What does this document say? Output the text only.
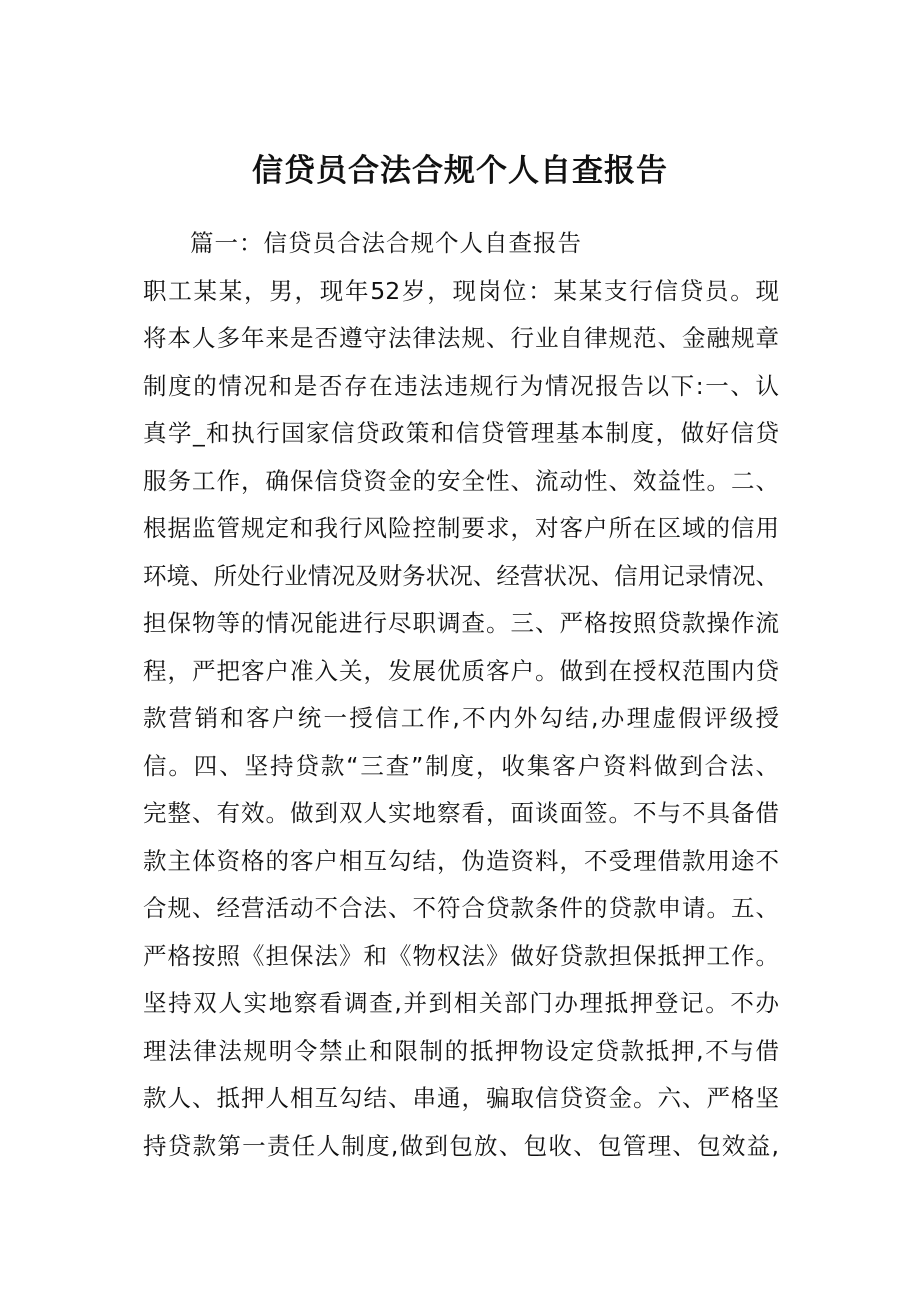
信贷员合法合规个人自查报告
篇一：信贷员合法合规个人自查报告
职工某某，男，现年52岁，现岗位：某某支行信贷员。现
将本人多年来是否遵守法律法规、行业自律规范、金融规章
制度的情况和是否存在违法违规行为情况报告以下:一、认
真学_和执行国家信贷政策和信贷管理基本制度，做好信贷
服务工作，确保信贷资金的安全性、流动性、效益性。二、
根据监管规定和我行风险控制要求，对客户所在区域的信用
环境、所处行业情况及财务状况、经营状况、信用记录情况、
担保物等的情况能进行尽职调查。三、严格按照贷款操作流
程，严把客户准入关，发展优质客户。做到在授权范围内贷
款营销和客户统一授信工作,不内外勾结,办理虚假评级授
信。四、坚持贷款“三查”制度，收集客户资料做到合法、
完整、有效。做到双人实地察看，面谈面签。不与不具备借
款主体资格的客户相互勾结，伪造资料，不受理借款用途不
合规、经营活动不合法、不符合贷款条件的贷款申请。五、
严格按照《担保法》和《物权法》做好贷款担保抵押工作。
坚持双人实地察看调查,并到相关部门办理抵押登记。不办
理法律法规明令禁止和限制的抵押物设定贷款抵押,不与借
款人、抵押人相互勾结、串通，骗取信贷资金。六、严格坚
持贷款第一责任人制度,做到包放、包收、包管理、包效益,
